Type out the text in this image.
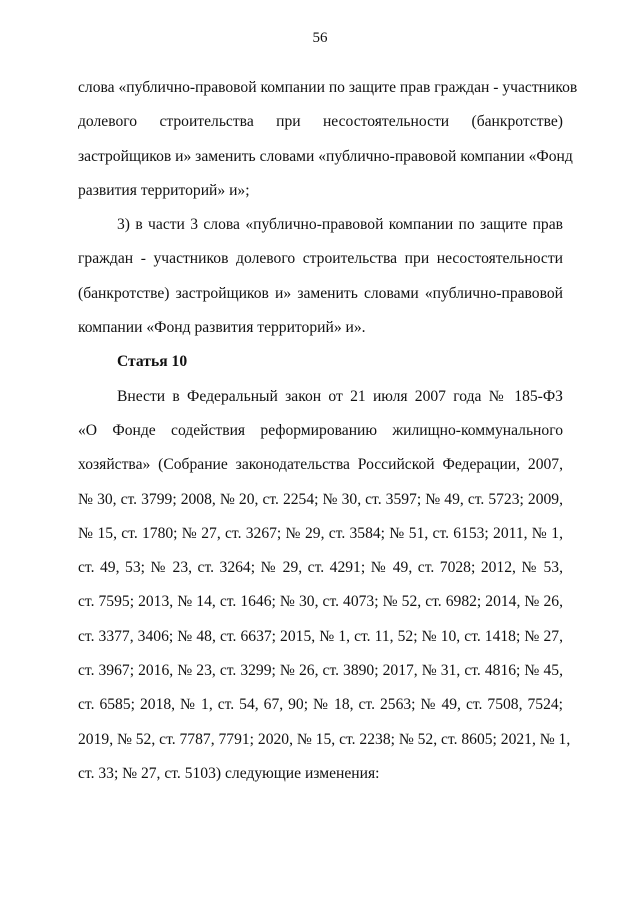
56

слова «публично-правовой компании по защите прав граждан - участников
долевого строительства при несостоятельности (банкротстве)
застройщиков и» заменить словами «публично-правовой компании «Фонд
развития территорий» и»;

3) в части 3 слова «публично-правовой компании по защите прав
граждан - участников долевого строительства при несостоятельности
(банкротстве) застройщиков и» заменить словами «публично-правовой
компании «Фонд развития территорий» и».

Статья 10

Внести в Федеральный закон от 21 июля 2007 года № 185-ФЗ
«О Фонде содействия реформированию жилищно-коммунального
хозяйства» (Собрание законодательства Российской Федерации, 2007,
№ 30, ст. 3799; 2008, № 20, ст. 2254; № 30, ст. 3597; № 49, ст. 5723; 2009,
№ 15, ст. 1780; № 27, ст. 3267; № 29, ст. 3584; № 51, ст. 6153; 2011, № 1,
ст. 49, 53; № 23, ст. 3264; № 29, ст. 4291; № 49, ст. 7028; 2012, № 53,
ст. 7595; 2013, № 14, ст. 1646; № 30, ст. 4073; № 52, ст. 6982; 2014, № 26,
ст. 3377, 3406; № 48, ст. 6637; 2015, № 1, ст. 11, 52; № 10, ст. 1418; № 27,
ст. 3967; 2016, № 23, ст. 3299; № 26, ст. 3890; 2017, № 31, ст. 4816; № 45,
ст. 6585; 2018, № 1, ст. 54, 67, 90; № 18, ст. 2563; № 49, ст. 7508, 7524;
2019, № 52, ст. 7787, 7791; 2020, № 15, ст. 2238; № 52, ст. 8605; 2021, № 1,
ст. 33; № 27, ст. 5103) следующие изменения:
